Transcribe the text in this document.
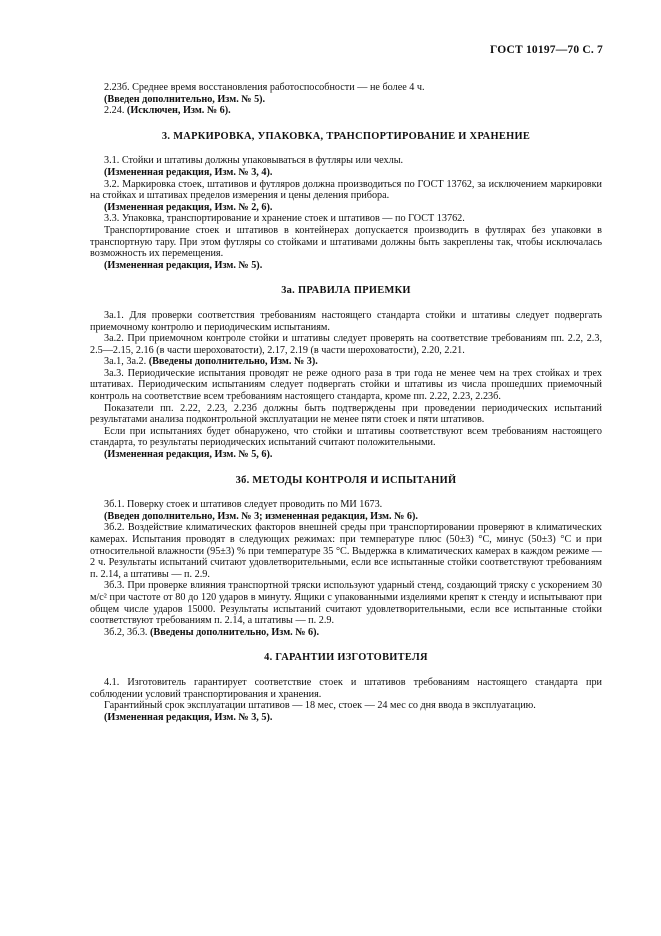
ГОСТ 10197—70 С. 7
2.23б. Среднее время восстановления работоспособности — не более 4 ч.
(Введен дополнительно, Изм. № 5).
2.24. (Исключен, Изм. № 6).
3. МАРКИРОВКА, УПАКОВКА, ТРАНСПОРТИРОВАНИЕ И ХРАНЕНИЕ
3.1. Стойки и штативы должны упаковываться в футляры или чехлы.
(Измененная редакция, Изм. № 3, 4).
3.2. Маркировка стоек, штативов и футляров должна производиться по ГОСТ 13762, за исключением маркировки на стойках и штативах пределов измерения и цены деления прибора.
(Измененная редакция, Изм. № 2, 6).
3.3. Упаковка, транспортирование и хранение стоек и штативов — по ГОСТ 13762.
Транспортирование стоек и штативов в контейнерах допускается производить в футлярах без упаковки в транспортную тару. При этом футляры со стойками и штативами должны быть закреплены так, чтобы исключалась возможность их перемещения.
(Измененная редакция, Изм. № 5).
3а. ПРАВИЛА ПРИЕМКИ
3а.1. Для проверки соответствия требованиям настоящего стандарта стойки и штативы следует подвергать приемочному контролю и периодическим испытаниям.
3а.2. При приемочном контроле стойки и штативы следует проверять на соответствие требованиям пп. 2.2, 2.3, 2.5—2.15, 2.16 (в части шероховатости), 2.17, 2.19 (в части шероховатости), 2.20, 2.21.
3а.1, 3а.2. (Введены дополнительно, Изм. № 3).
3а.3. Периодические испытания проводят не реже одного раза в три года не менее чем на трех стойках и трех штативах. Периодическим испытаниям следует подвергать стойки и штативы из числа прошедших приемочный контроль на соответствие всем требованиям настоящего стандарта, кроме пп. 2.22, 2.23, 2.23б.
Показатели пп. 2.22, 2.23, 2.23б должны быть подтверждены при проведении периодических испытаний результатами анализа подконтрольной эксплуатации не менее пяти стоек и пяти штативов.
Если при испытаниях будет обнаружено, что стойки и штативы соответствуют всем требованиям настоящего стандарта, то результаты периодических испытаний считают положительными.
(Измененная редакция, Изм. № 5, 6).
3б. МЕТОДЫ КОНТРОЛЯ И ИСПЫТАНИЙ
3б.1. Поверку стоек и штативов следует проводить по МИ 1673.
(Введен дополнительно, Изм. № 3; измененная редакция, Изм. № 6).
3б.2. Воздействие климатических факторов внешней среды при транспортировании проверяют в климатических камерах. Испытания проводят в следующих режимах: при температуре плюс (50±3) °С, минус (50±3) °С и при относительной влажности (95±3) % при температуре 35 °С. Выдержка в климатических камерах в каждом режиме — 2 ч. Результаты испытаний считают удовлетворительными, если все испытанные стойки соответствуют требованиям п. 2.14, а штативы — п. 2.9.
3б.3. При проверке влияния транспортной тряски используют ударный стенд, создающий тряску с ускорением 30 м/с² при частоте от 80 до 120 ударов в минуту. Ящики с упакованными изделиями крепят к стенду и испытывают при общем числе ударов 15000. Результаты испытаний считают удовлетворительными, если все испытанные стойки соответствуют требованиям п. 2.14, а штативы — п. 2.9.
3б.2, 3б.3. (Введены дополнительно, Изм. № 6).
4. ГАРАНТИИ ИЗГОТОВИТЕЛЯ
4.1. Изготовитель гарантирует соответствие стоек и штативов требованиям настоящего стандарта при соблюдении условий транспортирования и хранения.
Гарантийный срок эксплуатации штативов — 18 мес, стоек — 24 мес со дня ввода в эксплуатацию.
(Измененная редакция, Изм. № 3, 5).
